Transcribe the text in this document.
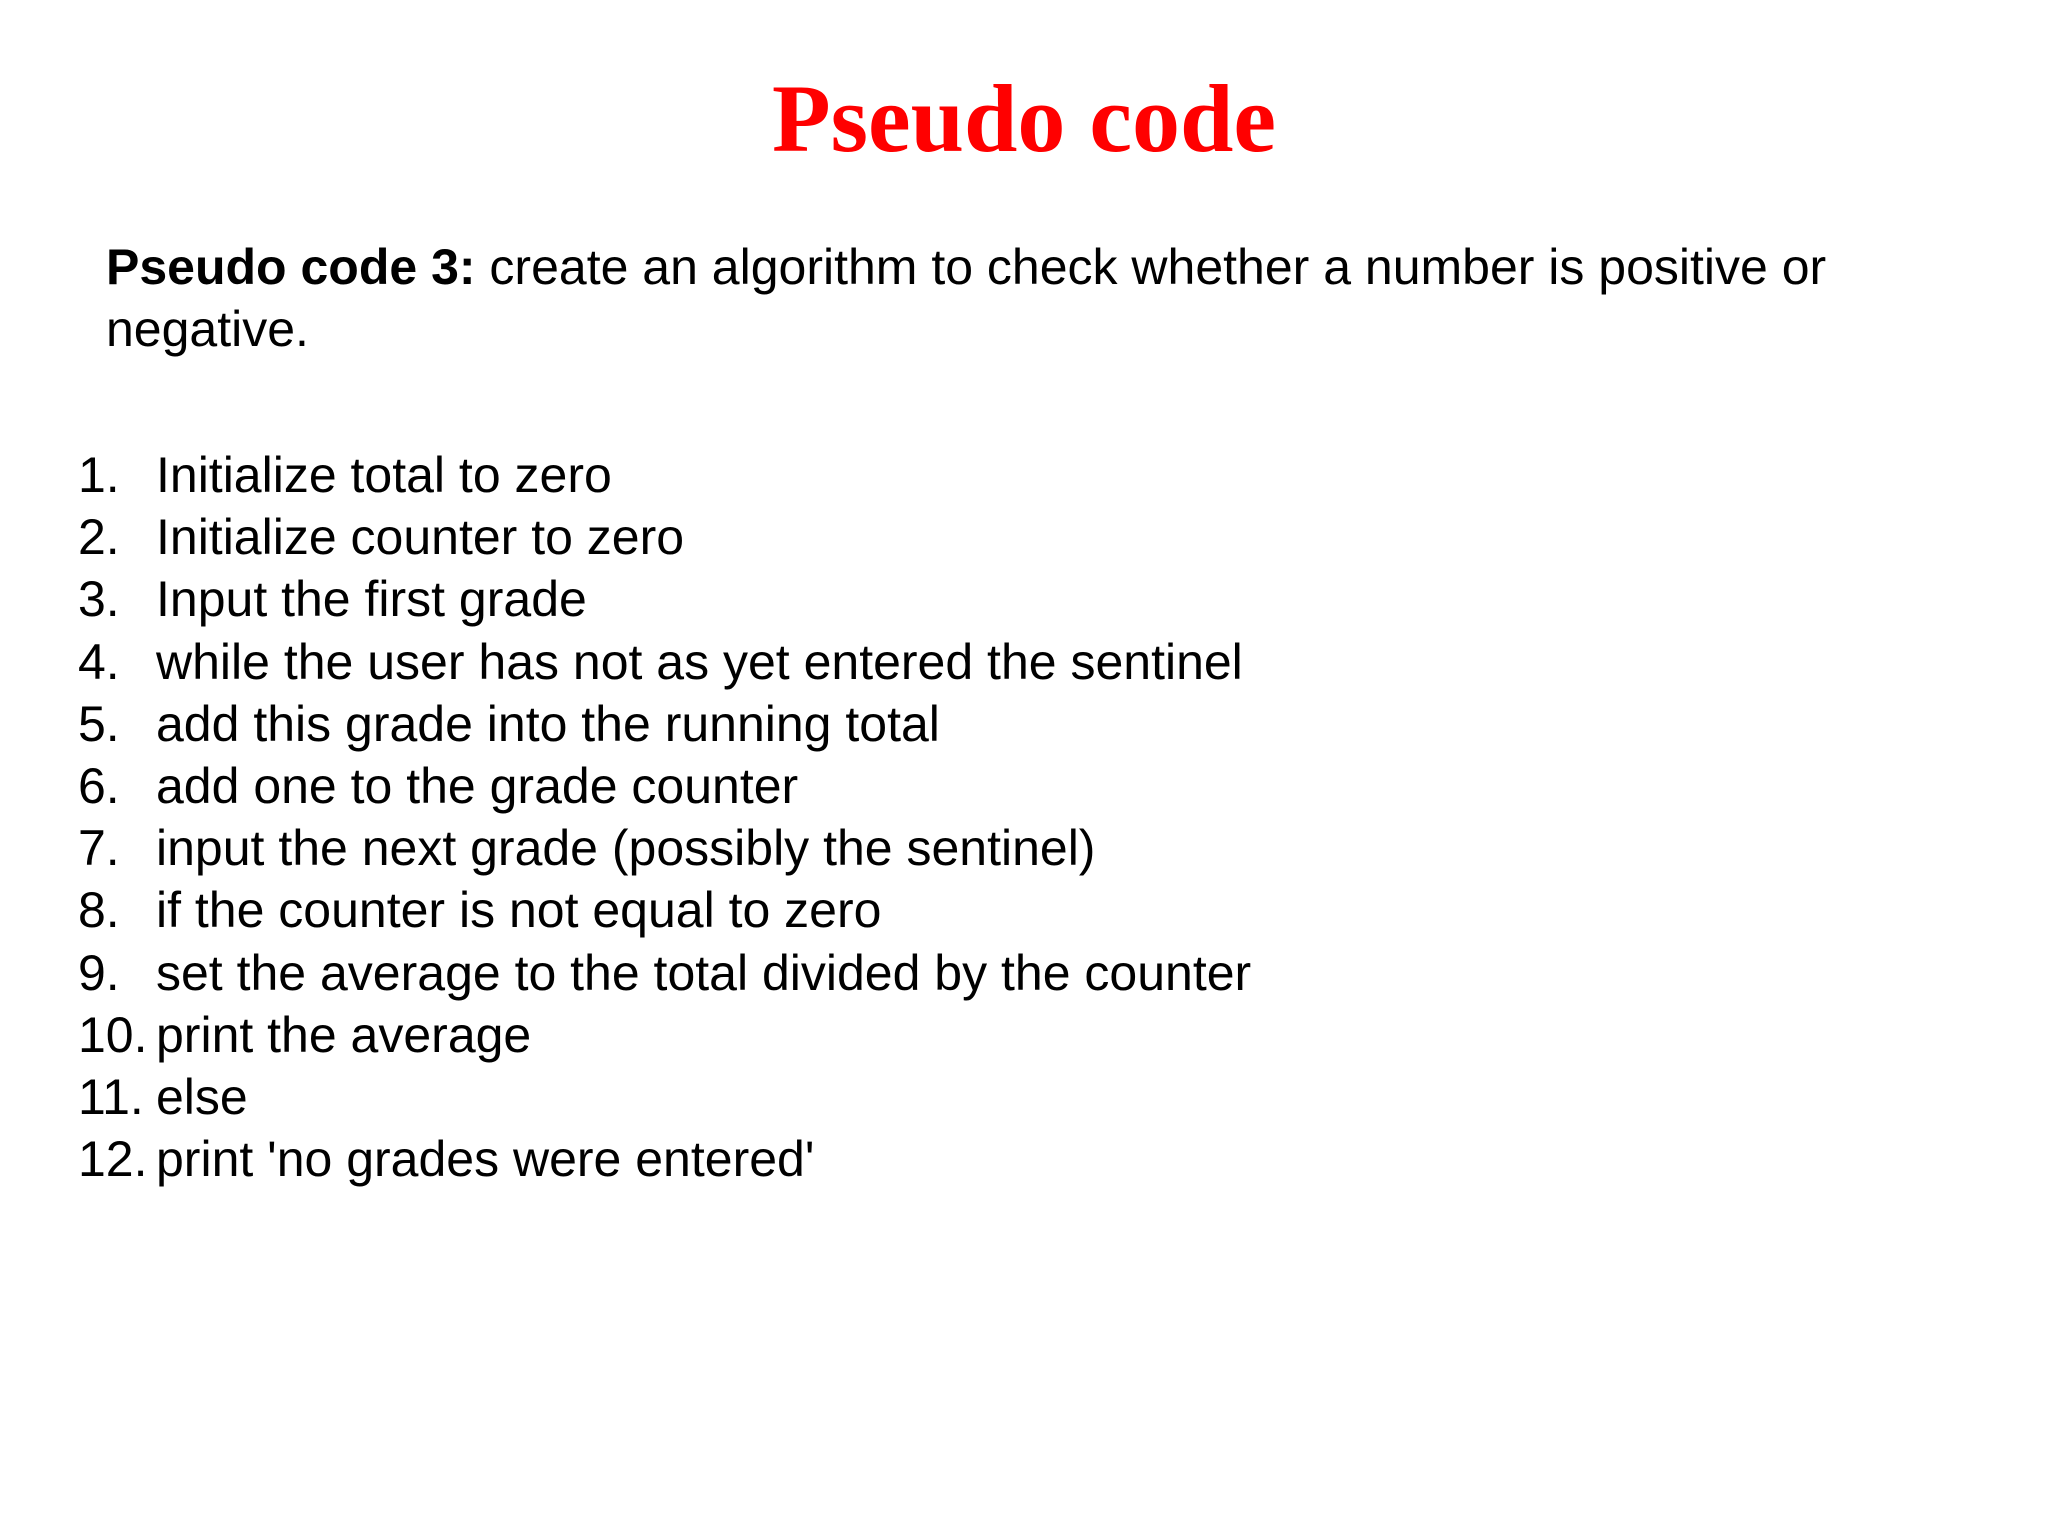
Pseudo code

Pseudo code 3: create an algorithm to check whether a number is positive or negative.

1. Initialize total to zero
2. Initialize counter to zero
3. Input the first grade
4. while the user has not as yet entered the sentinel
5. add this grade into the running total
6. add one to the grade counter
7. input the next grade (possibly the sentinel)
8. if the counter is not equal to zero
9. set the average to the total divided by the counter
10. print the average
11. else
12. print 'no grades were entered'
